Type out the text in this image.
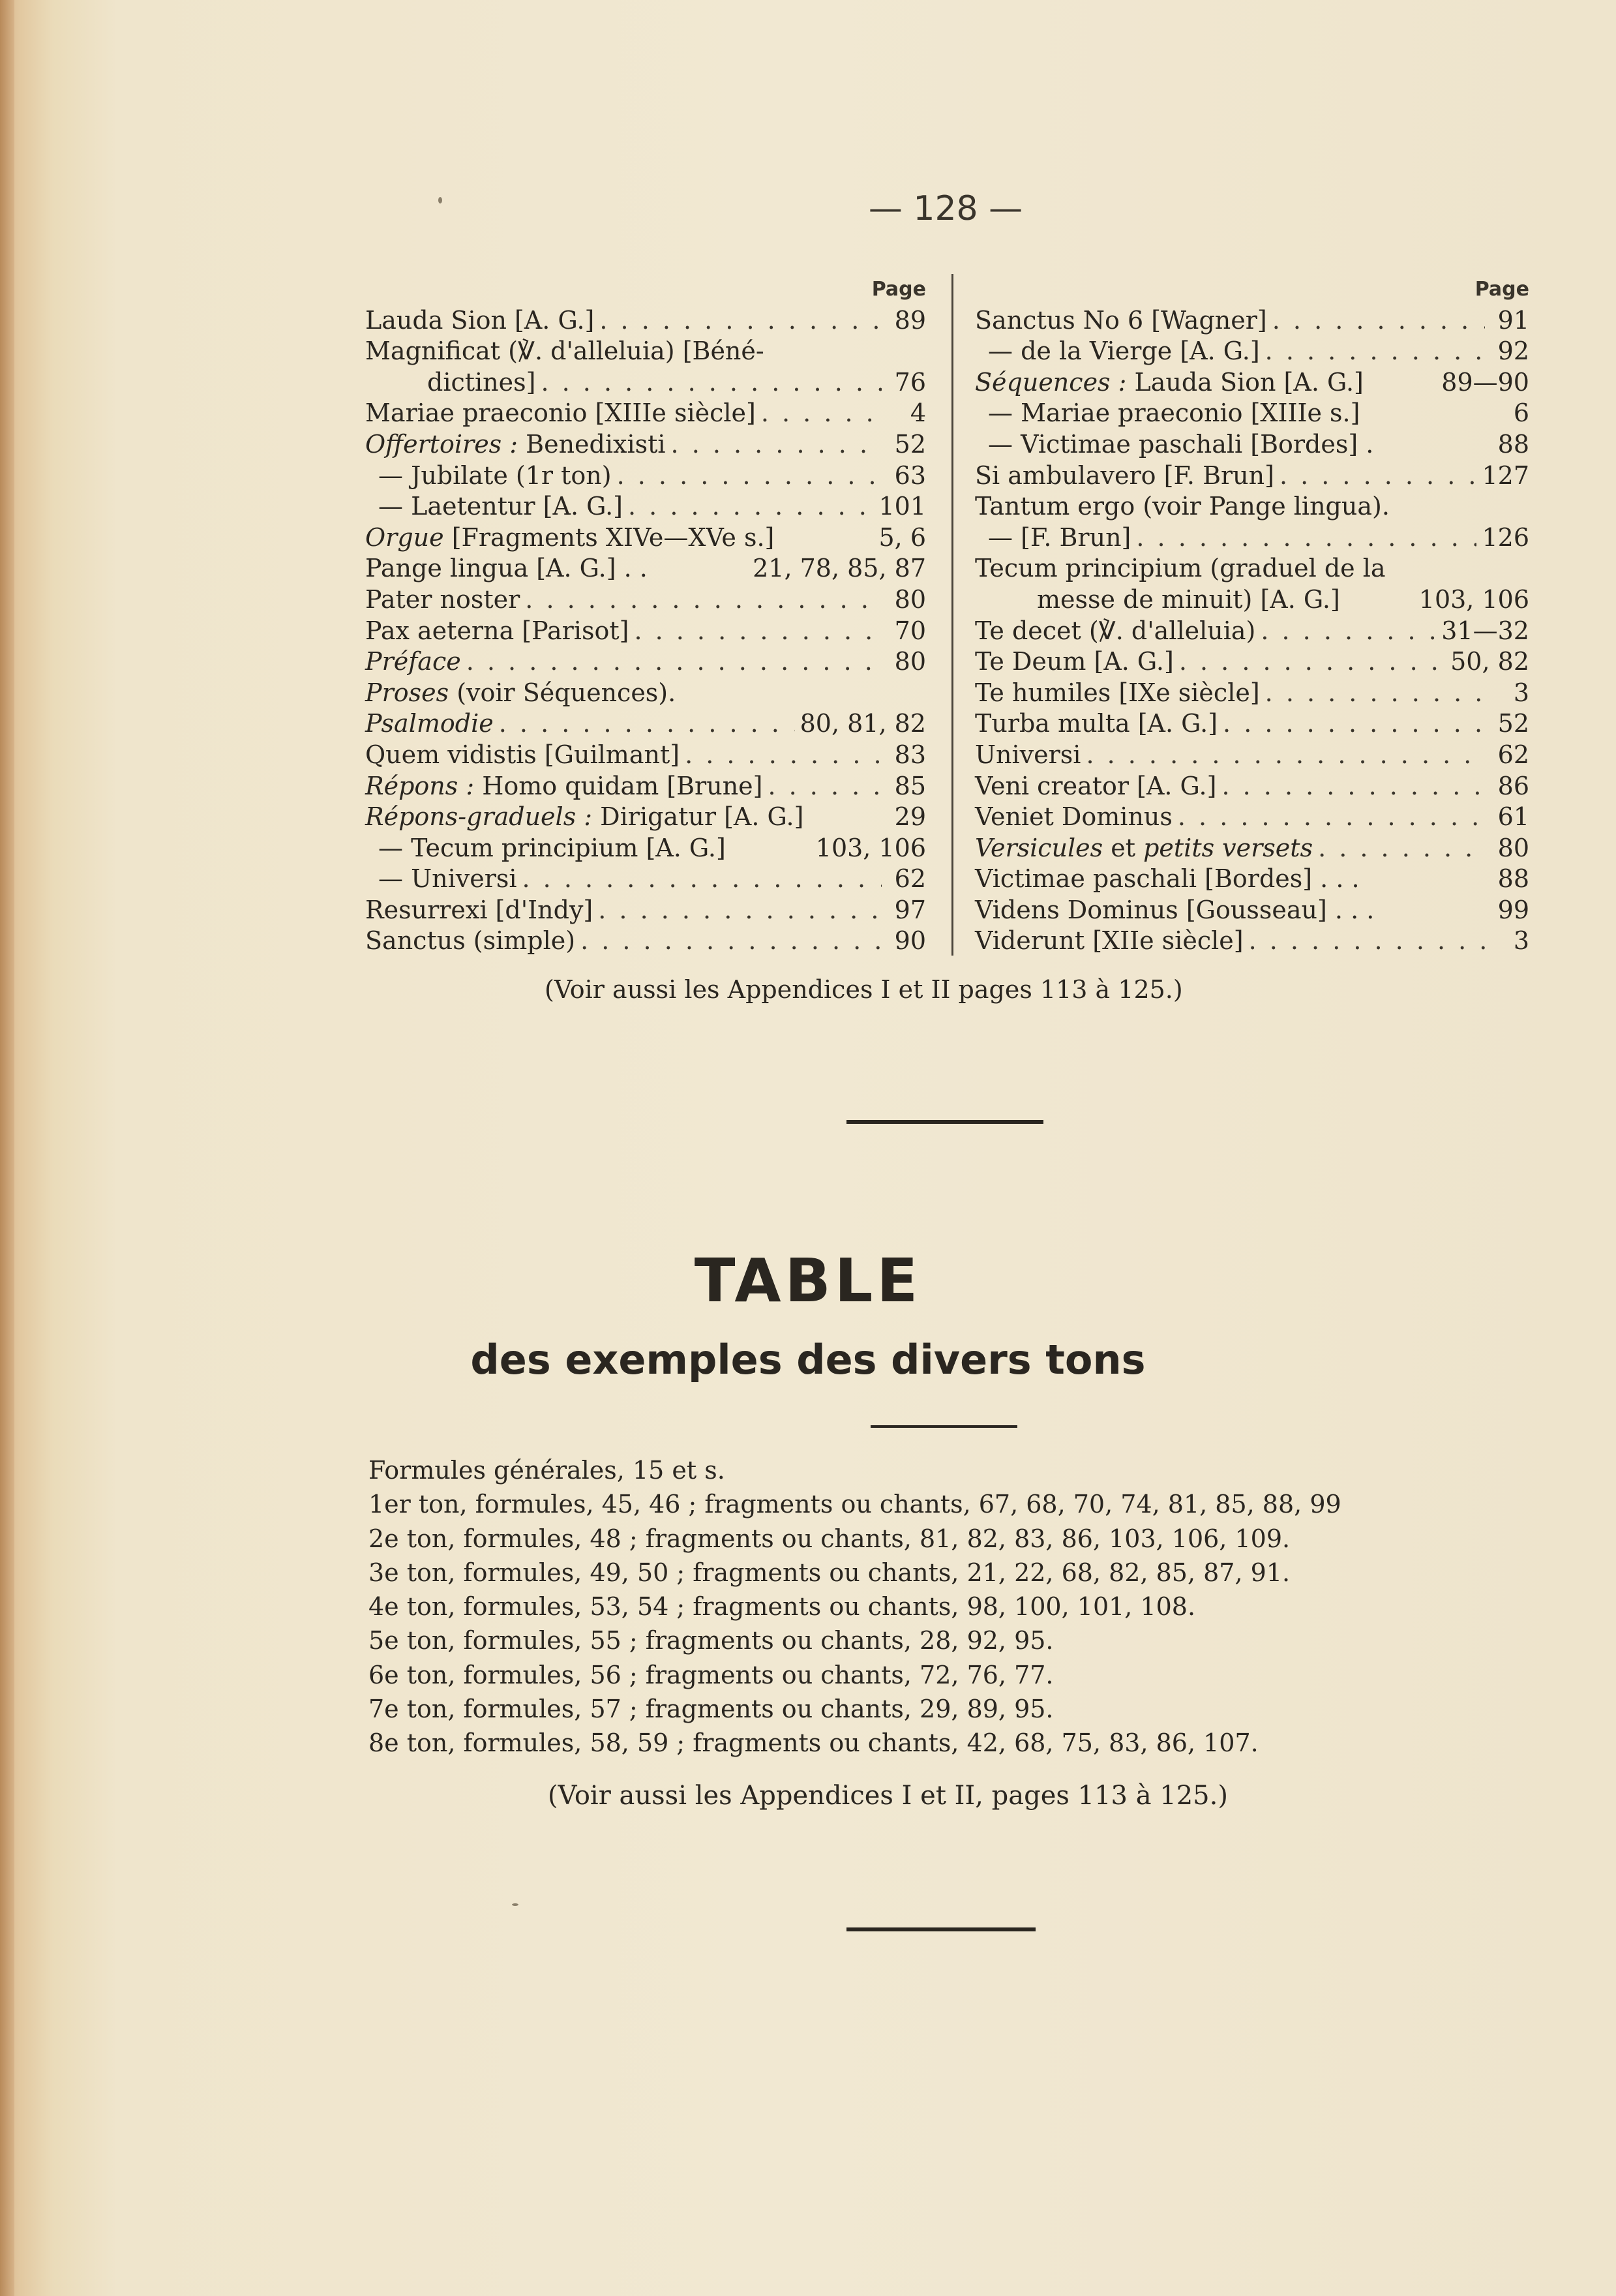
— 128 —
Page
Lauda Sion [A. G.] . . .	89
Magnificat (℣. d'alleluia) [Béné-
dictines] . . .	76
Mariae praeconio [XIIIe siècle] . . .	4
Offertoires : Benedixisti . . .	52
— Jubilate (1r ton) . . .	63
— Laetentur [A. G.] . . .	101
Orgue [Fragments XIVe—XVe s.]	5, 6
Pange lingua [A. G.] . .	21, 78, 85, 87
Pater noster . . .	80
Pax aeterna [Parisot] . . .	70
Préface . . .	80
Proses (voir Séquences).
Psalmodie . . .	80, 81, 82
Quem vidistis [Guilmant] . . .	83
Répons : Homo quidam [Brune] . . .	85
Répons-graduels : Dirigatur [A. G.]	29
— Tecum principium [A. G.]	103, 106
— Universi . . .	62
Resurrexi [d'Indy] . . .	97
Sanctus (simple) . . .	90
Page
Sanctus No 6 [Wagner] . . .	91
— de la Vierge [A. G.] . . .	92
Séquences : Lauda Sion [A. G.]	89—90
— Mariae praeconio [XIIIe s.]	6
— Victimae paschali [Bordes] .	88
Si ambulavero [F. Brun] . . .	127
Tantum ergo (voir Pange lingua).
— [F. Brun] . . .	126
Tecum principium (graduel de la
messe de minuit) [A. G.]	103, 106
Te decet (℣. d'alleluia) . . .	31—32
Te Deum [A. G.] . . .	50, 82
Te humiles [IXe siècle] . . .	3
Turba multa [A. G.] . . .	52
Universi . . .	62
Veni creator [A. G.] . . .	86
Veniet Dominus . . .	61
Versicules et petits versets . . .	80
Victimae paschali [Bordes] . . .	88
Videns Dominus [Gousseau] . . .	99
Viderunt [XIIe siècle] . . .	3
(Voir aussi les Appendices I et II pages 113 à 125.)
TABLE
des exemples des divers tons
Formules générales, 15 et s.
1er ton, formules, 45, 46 ; fragments ou chants, 67, 68, 70, 74, 81, 85, 88, 99
2e ton, formules, 48 ; fragments ou chants, 81, 82, 83, 86, 103, 106, 109.
3e ton, formules, 49, 50 ; fragments ou chants, 21, 22, 68, 82, 85, 87, 91.
4e ton, formules, 53, 54 ; fragments ou chants, 98, 100, 101, 108.
5e ton, formules, 55 ; fragments ou chants, 28, 92, 95.
6e ton, formules, 56 ; fragments ou chants, 72, 76, 77.
7e ton, formules, 57 ; fragments ou chants, 29, 89, 95.
8e ton, formules, 58, 59 ; fragments ou chants, 42, 68, 75, 83, 86, 107.
(Voir aussi les Appendices I et II, pages 113 à 125.)
